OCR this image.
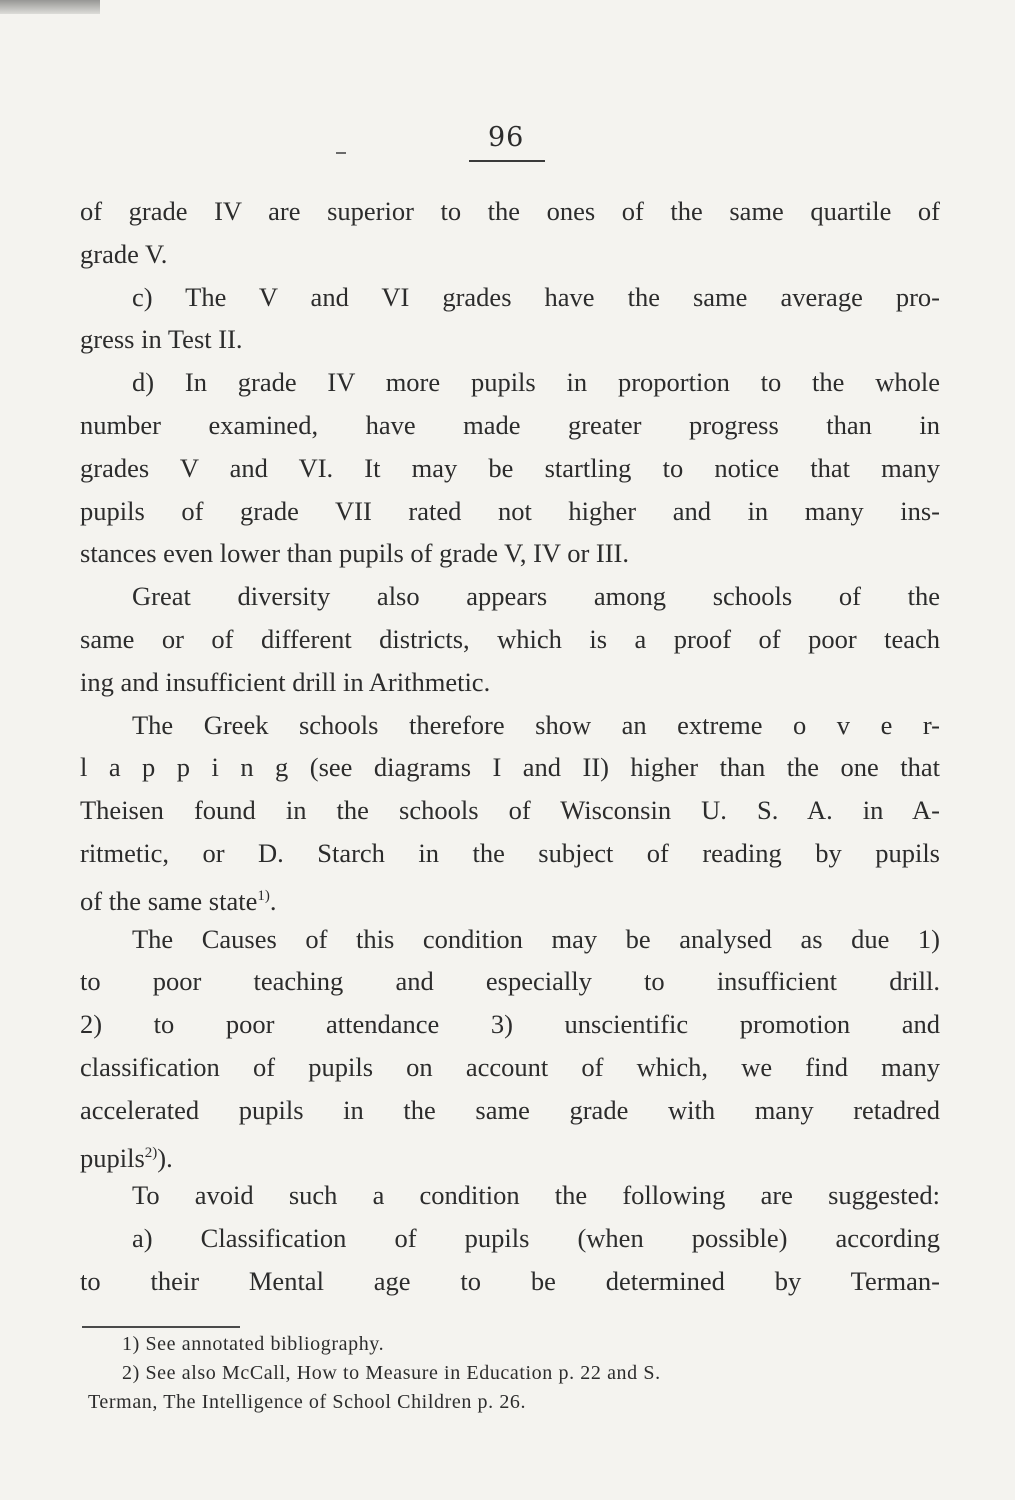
96
of grade IV are superior to the ones of the same quartile of
grade V.
c) The V and VI grades have the same average pro-
gress in Test II.
d) In grade IV more pupils in proportion to the whole
number examined, have made greater progress than in
grades V and VI. It may be startling to notice that many
pupils of grade VII rated not higher and in many ins-
stances even lower than pupils of grade V, IV or III.
Great diversity also appears among schools of the
same or of different districts, which is a proof of poor teach
ing and insufficient drill in Arithmetic.
The Greek schools therefore show an extreme o v e r-
l a p p i n g (see diagrams I and II) higher than the one that
Theisen found in the schools of Wisconsin U. S. A. in A-
ritmetic, or D. Starch in the subject of reading by pupils
of the same state$^{1)}$.
The Causes of this condition may be analysed as due 1)
to poor teaching and especially to insufficient drill.
2) to poor attendance 3) unscientific promotion and
classification of pupils on account of which, we find many
accelerated pupils in the same grade with many retadred
pupils$^{2)}$).
To avoid such a condition the following are suggested:
a) Classification of pupils (when possible) according
to their Mental age to be determined by Terman-
1) See annotated bibliography.
2) See also McCall, How to Measure in Education p. 22 and S.
Terman, The Intelligence of School Children p. 26.
